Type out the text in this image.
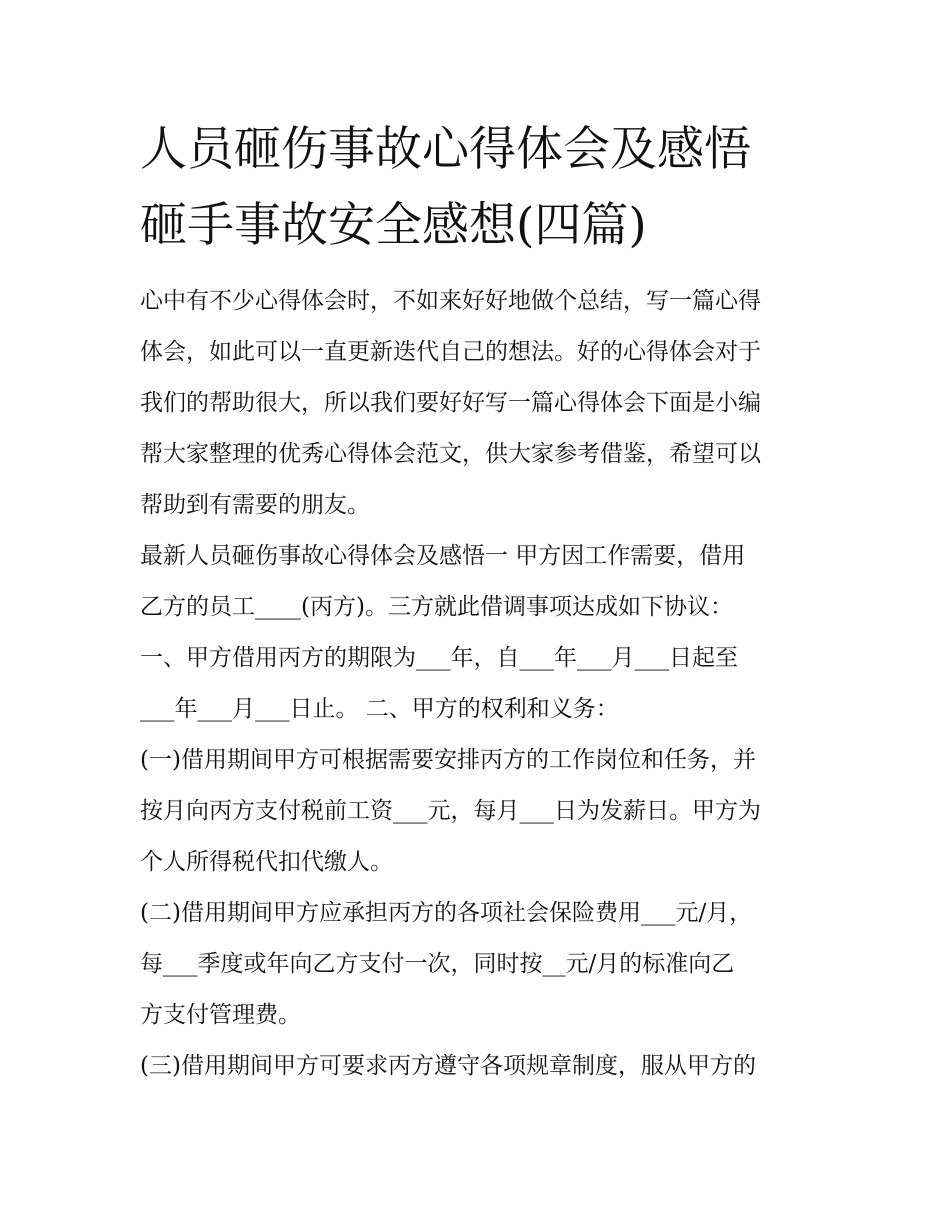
人员砸伤事故心得体会及感悟
砸手事故安全感想(四篇)

心中有不少心得体会时，不如来好好地做个总结，写一篇心得
体会，如此可以一直更新迭代自己的想法。好的心得体会对于
我们的帮助很大，所以我们要好好写一篇心得体会下面是小编
帮大家整理的优秀心得体会范文，供大家参考借鉴，希望可以
帮助到有需要的朋友。

最新人员砸伤事故心得体会及感悟一 甲方因工作需要，借用
乙方的员工____(丙方)。三方就此借调事项达成如下协议：

一、甲方借用丙方的期限为___年，自___年___月___日起至
___年___月___日止。 二、甲方的权利和义务：

(一)借用期间甲方可根据需要安排丙方的工作岗位和任务，并
按月向丙方支付税前工资___元，每月___日为发薪日。甲方为
个人所得税代扣代缴人。

(二)借用期间甲方应承担丙方的各项社会保险费用___元/月，
每___季度或年向乙方支付一次，同时按__元/月的标准向乙
方支付管理费。

(三)借用期间甲方可要求丙方遵守各项规章制度，服从甲方的
